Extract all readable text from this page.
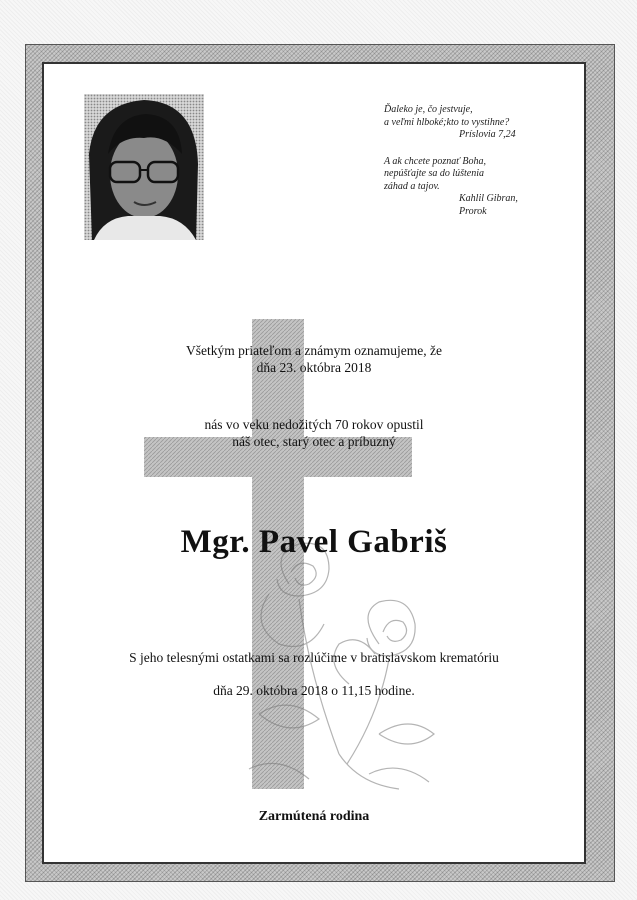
Ďaleko je, čo jestvuje,

a veľmi hlboké;kto to vystihne?

Príslovia 7,24

A ak chcete poznať Boha,

nepúšťajte sa do lúštenia

záhad a tajov.

Kahlil Gibran,

Prorok

Všetkým priateľom a známym oznamujeme, že

dňa 23. októbra 2018

nás vo veku nedožitých 70 rokov opustil

náš otec, starý otec a príbuzný

Mgr. Pavel Gabriš

S jeho telesnými ostatkami sa rozlúčime v bratislavskom krematóriu

dňa 29. októbra 2018 o 11,15 hodine.

Zarmútená rodina
